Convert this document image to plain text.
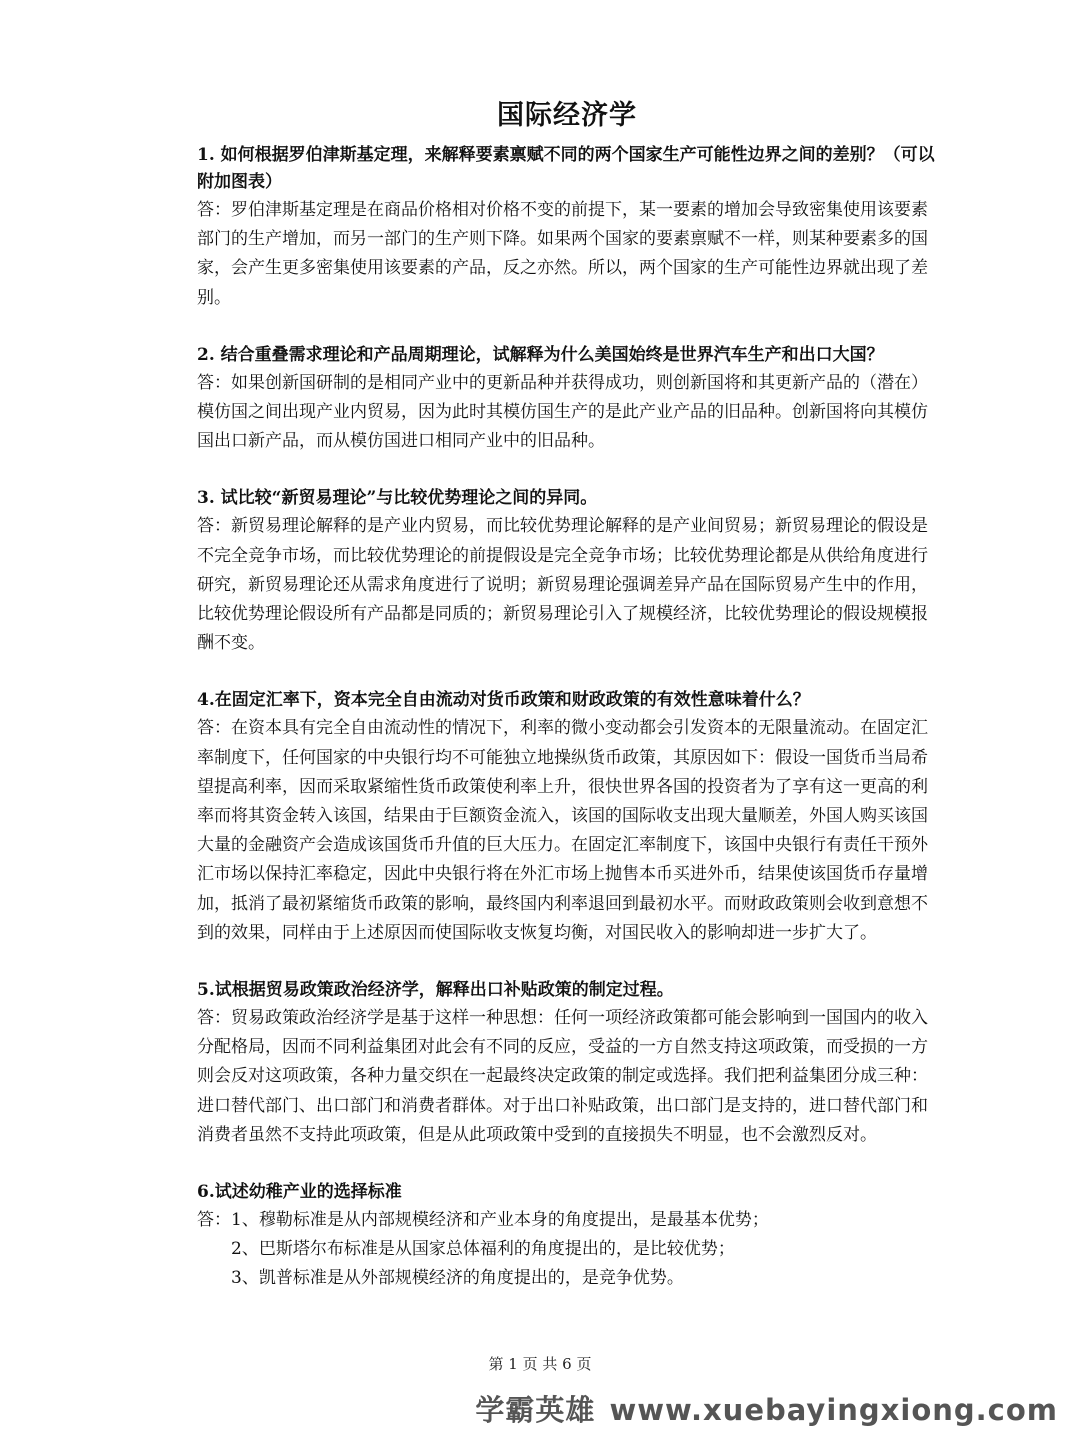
国际经济学

1. 如何根据罗伯津斯基定理，来解释要素禀赋不同的两个国家生产可能性边界之间的差别？（可以附加图表）

答：罗伯津斯基定理是在商品价格相对价格不变的前提下，某一要素的增加会导致密集使用该要素部门的生产增加，而另一部门的生产则下降。如果两个国家的要素禀赋不一样，则某种要素多的国家，会产生更多密集使用该要素的产品，反之亦然。所以，两个国家的生产可能性边界就出现了差别。

2. 结合重叠需求理论和产品周期理论，试解释为什么美国始终是世界汽车生产和出口大国？

答：如果创新国研制的是相同产业中的更新品种并获得成功，则创新国将和其更新产品的（潜在）模仿国之间出现产业内贸易，因为此时其模仿国生产的是此产业产品的旧品种。创新国将向其模仿国出口新产品，而从模仿国进口相同产业中的旧品种。

3. 试比较“新贸易理论”与比较优势理论之间的异同。

答：新贸易理论解释的是产业内贸易，而比较优势理论解释的是产业间贸易；新贸易理论的假设是不完全竞争市场，而比较优势理论的前提假设是完全竞争市场；比较优势理论都是从供给角度进行研究，新贸易理论还从需求角度进行了说明；新贸易理论强调差异产品在国际贸易产生中的作用，比较优势理论假设所有产品都是同质的；新贸易理论引入了规模经济，比较优势理论的假设规模报酬不变。

4.在固定汇率下，资本完全自由流动对货币政策和财政政策的有效性意味着什么？

答：在资本具有完全自由流动性的情况下，利率的微小变动都会引发资本的无限量流动。在固定汇率制度下，任何国家的中央银行均不可能独立地操纵货币政策，其原因如下：假设一国货币当局希望提高利率，因而采取紧缩性货币政策使利率上升，很快世界各国的投资者为了享有这一更高的利率而将其资金转入该国，结果由于巨额资金流入，该国的国际收支出现大量顺差，外国人购买该国大量的金融资产会造成该国货币升值的巨大压力。在固定汇率制度下，该国中央银行有责任干预外汇市场以保持汇率稳定，因此中央银行将在外汇市场上抛售本币买进外币，结果使该国货币存量增加，抵消了最初紧缩货币政策的影响，最终国内利率退回到最初水平。而财政政策则会收到意想不到的效果，同样由于上述原因而使国际收支恢复均衡，对国民收入的影响却进一步扩大了。

5.试根据贸易政策政治经济学，解释出口补贴政策的制定过程。

答：贸易政策政治经济学是基于这样一种思想：任何一项经济政策都可能会影响到一国国内的收入分配格局，因而不同利益集团对此会有不同的反应，受益的一方自然支持这项政策，而受损的一方则会反对这项政策，各种力量交织在一起最终决定政策的制定或选择。我们把利益集团分成三种：进口替代部门、出口部门和消费者群体。对于出口补贴政策，出口部门是支持的，进口替代部门和消费者虽然不支持此项政策，但是从此项政策中受到的直接损失不明显，也不会激烈反对。

6.试述幼稚产业的选择标准

答：1、穆勒标准是从内部规模经济和产业本身的角度提出，是最基本优势；

2、巴斯塔尔布标准是从国家总体福利的角度提出的，是比较优势；

3、凯普标准是从外部规模经济的角度提出的，是竞争优势。

第 1 页 共 6 页
学霸英雄 www.xuebayingxiong.com
